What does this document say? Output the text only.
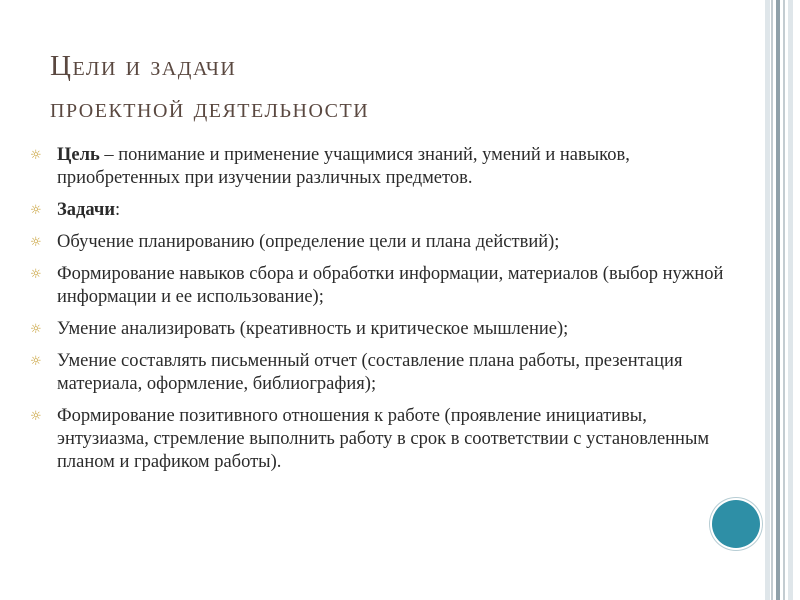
Цели и задачи
проектной деятельности
☼ Цель – понимание и применение учащимися знаний, умений и навыков, приобретенных при изучении различных предметов.
☼ Задачи:
☼ Обучение планированию (определение цели и плана действий);
☼ Формирование навыков сбора и обработки информации, материалов (выбор нужной информации и ее использование);
☼ Умение анализировать (креативность и критическое мышление);
☼ Умение составлять письменный отчет (составление плана работы, презентация материала, оформление, библиография);
☼ Формирование позитивного отношения к работе (проявление инициативы, энтузиазма, стремление выполнить работу в срок в соответствии с установленным планом и графиком работы).
